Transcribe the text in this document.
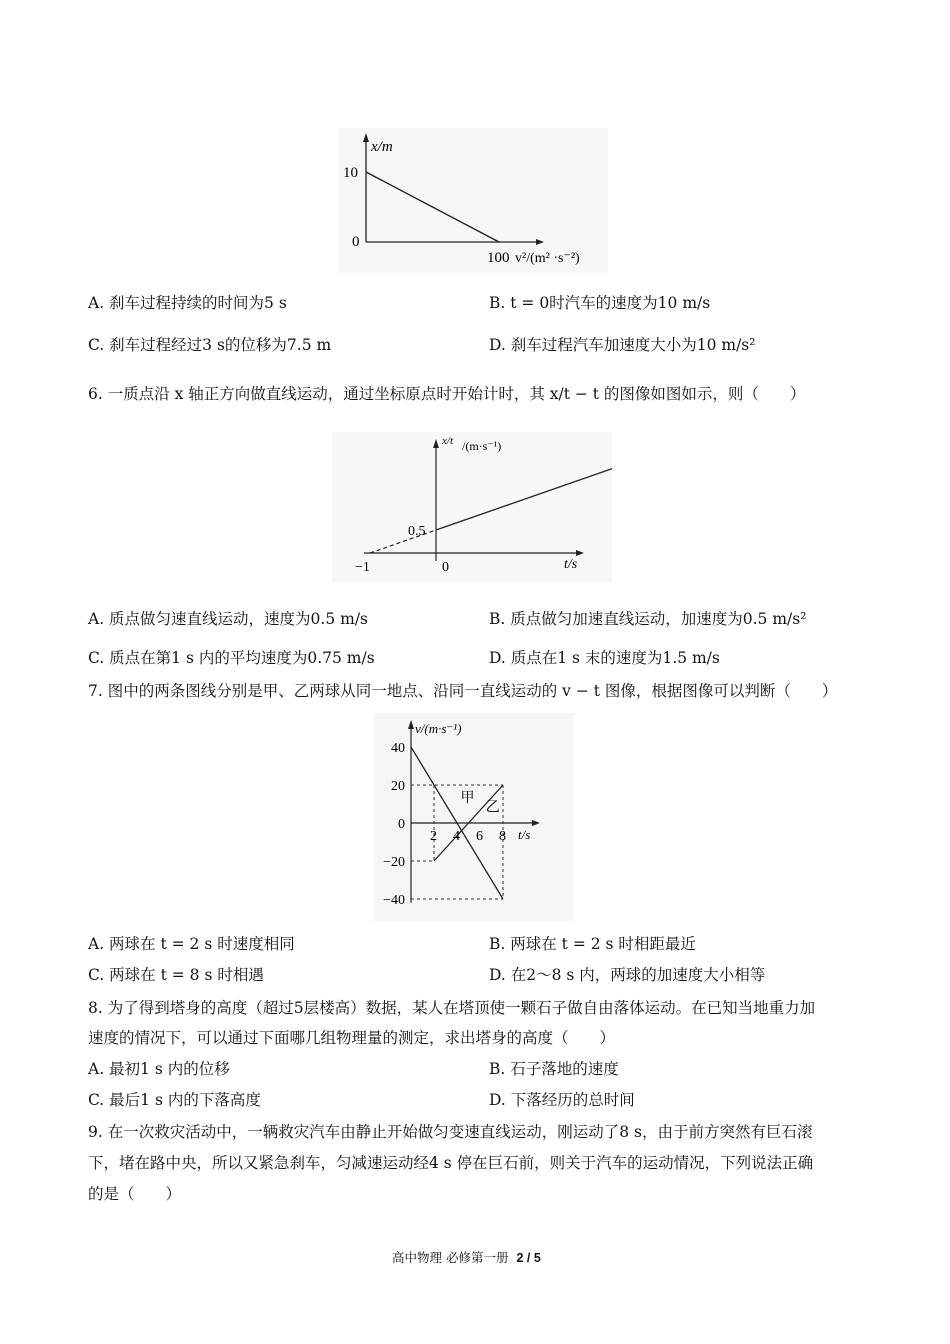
x/m
10
0
100 v²/(m² ·s⁻²)
A. 刹车过程持续的时间为5 s	B. t = 0时汽车的速度为10 m/s
C. 刹车过程经过3 s的位移为7.5 m	D. 刹车过程汽车加速度大小为10 m/s²
6. 一质点沿 x 轴正方向做直线运动，通过坐标原点时开始计时，其 x/t − t 的图像如图如示，则（　　）
x/t /(m·s⁻¹)
0.5
−1	0	t/s
A. 质点做匀速直线运动，速度为0.5 m/s	B. 质点做匀加速直线运动，加速度为0.5 m/s²
C. 质点在第1 s 内的平均速度为0.75 m/s	D. 质点在1 s 末的速度为1.5 m/s
7. 图中的两条图线分别是甲、乙两球从同一地点、沿同一直线运动的 v − t 图像，根据图像可以判断（　　）
甲
乙
v/(m·s⁻¹)
40
20
0
−20
−40
2 4 6 8 t/s
A. 两球在 t = 2 s 时速度相同	B. 两球在 t = 2 s 时相距最近
C. 两球在 t = 8 s 时相遇	D. 在2～8 s 内，两球的加速度大小相等
8. 为了得到塔身的高度（超过5层楼高）数据，某人在塔顶使一颗石子做自由落体运动。在已知当地重力加
速度的情况下，可以通过下面哪几组物理量的测定，求出塔身的高度（　　）
A. 最初1 s 内的位移	B. 石子落地的速度
C. 最后1 s 内的下落高度	D. 下落经历的总时间
9. 在一次救灾活动中，一辆救灾汽车由静止开始做匀变速直线运动，刚运动了8 s，由于前方突然有巨石滚
下，堵在路中央，所以又紧急刹车，匀减速运动经4 s 停在巨石前，则关于汽车的运动情况，下列说法正确
的是（　　）
高中物理 必修第一册 2 / 5
